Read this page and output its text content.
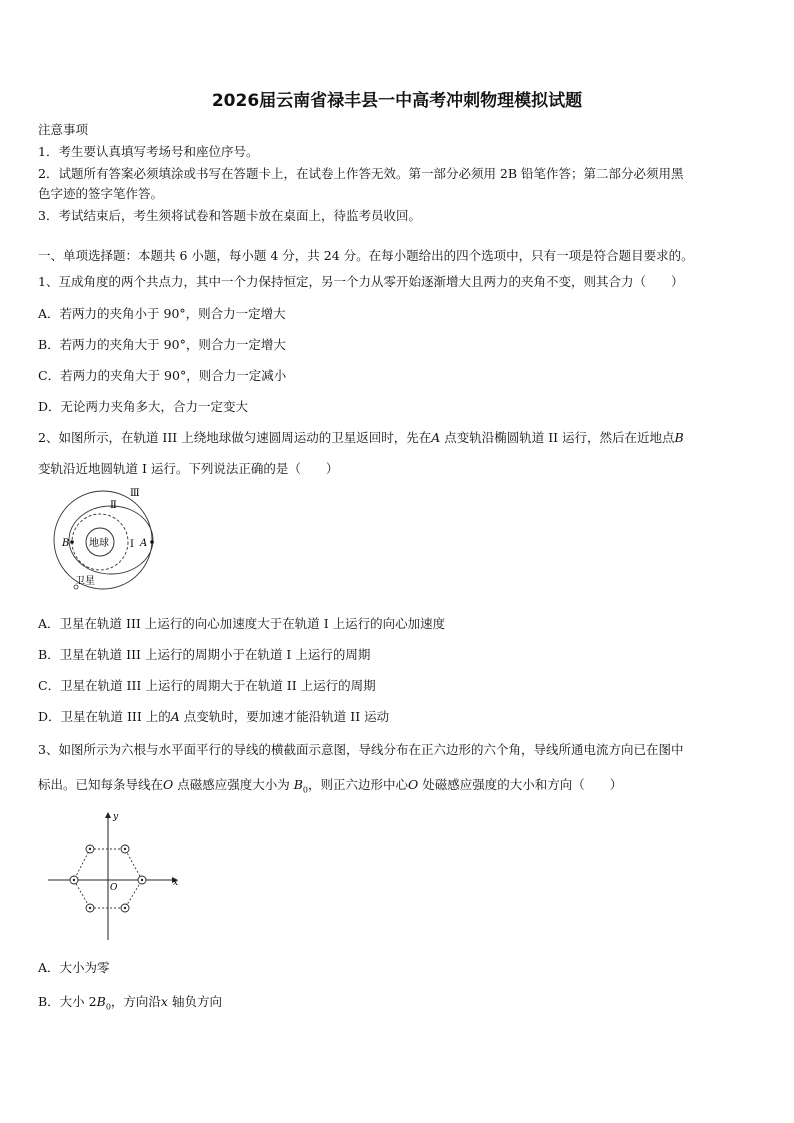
2026届云南省禄丰县一中高考冲刺物理模拟试题
注意事项
1．考生要认真填写考场号和座位序号。
2．试题所有答案必须填涂或书写在答题卡上，在试卷上作答无效。第一部分必须用 2B 铅笔作答；第二部分必须用黑
色字迹的签字笔作答。
3．考试结束后，考生须将试卷和答题卡放在桌面上，待监考员收回。
一、单项选择题：本题共 6 小题，每小题 4 分，共 24 分。在每小题给出的四个选项中，只有一项是符合题目要求的。
1、互成角度的两个共点力，其中一个力保持恒定，另一个力从零开始逐渐增大且两力的夹角不变，则其合力（　　）
A．若两力的夹角小于 90°，则合力一定增大
B．若两力的夹角大于 90°，则合力一定增大
C．若两力的夹角大于 90°，则合力一定减小
D．无论两力夹角多大，合力一定变大
2、如图所示，在轨道 III 上绕地球做匀速圆周运动的卫星返回时，先在A 点变轨沿椭圆轨道 II 运行，然后在近地点B
变轨沿近地圆轨道 I 运行。下列说法正确的是（　　）
地球
Ⅲ
Ⅱ
I A
B
卫星
A．卫星在轨道 III 上运行的向心加速度大于在轨道 I 上运行的向心加速度
B．卫星在轨道 III 上运行的周期小于在轨道 I 上运行的周期
C．卫星在轨道 III 上运行的周期大于在轨道 II 上运行的周期
D．卫星在轨道 III 上的A 点变轨时，要加速才能沿轨道 II 运动
3、如图所示为六根与水平面平行的导线的横截面示意图，导线分布在正六边形的六个角，导线所通电流方向已在图中
标出。已知每条导线在O 点磁感应强度大小为 $B_0$，则正六边形中心O 处磁感应强度的大小和方向（　　）
y
x
O
A．大小为零
B．大小 $2B_0$，方向沿x 轴负方向
